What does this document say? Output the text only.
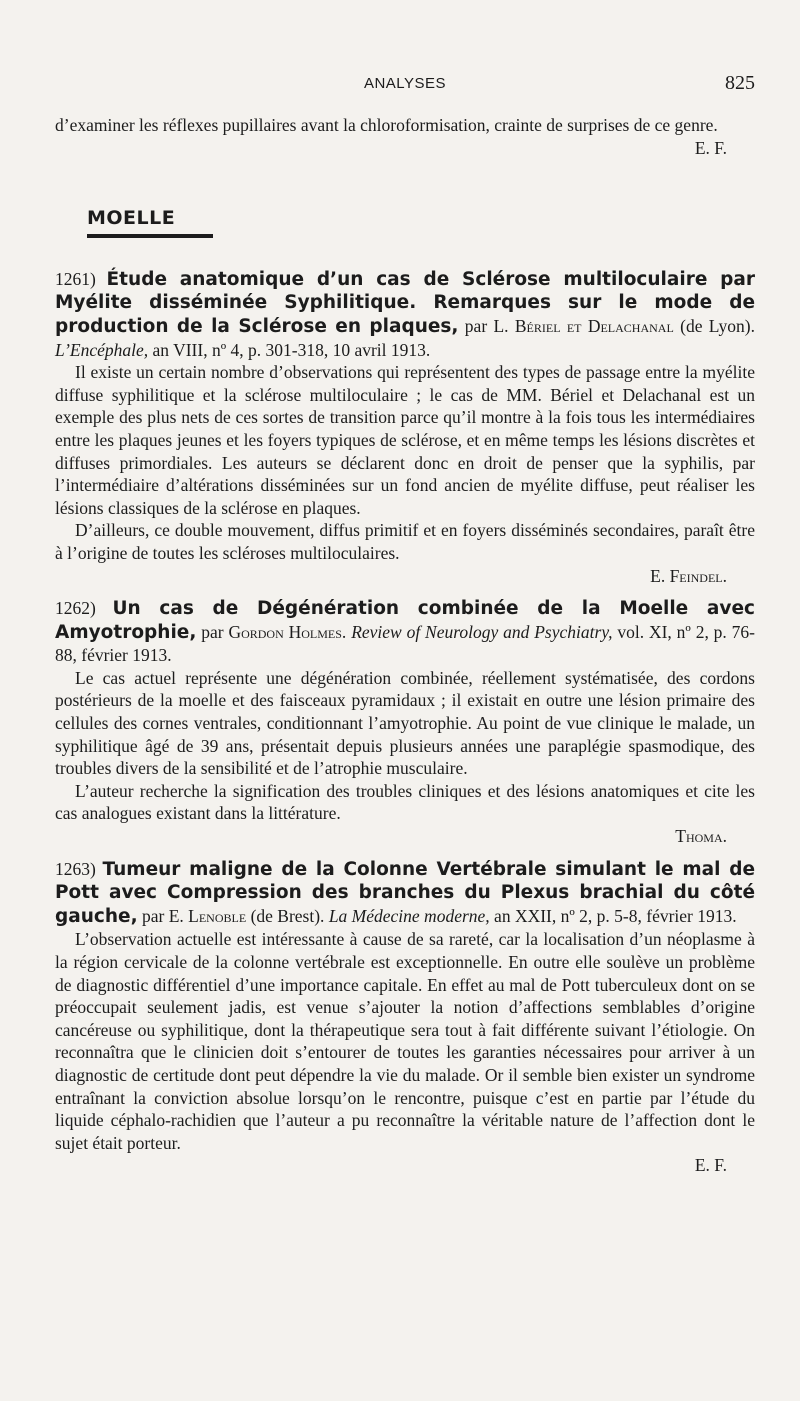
ANALYSES	825

d’examiner les réflexes pupillaires avant la chloroformisation, crainte de surprises de ce genre.

E. F.

MOELLE

1261) Étude anatomique d’un cas de Sclérose multiloculaire par Myélite disséminée Syphilitique. Remarques sur le mode de production de la Sclérose en plaques, par L. Bériel et Delachanal (de Lyon). L’Encéphale, an VIII, nº 4, p. 301-318, 10 avril 1913.

Il existe un certain nombre d’observations qui représentent des types de passage entre la myélite diffuse syphilitique et la sclérose multiloculaire ; le cas de MM. Bériel et Delachanal est un exemple des plus nets de ces sortes de transition parce qu’il montre à la fois tous les intermédiaires entre les plaques jeunes et les foyers typiques de sclérose, et en même temps les lésions discrètes et diffuses primordiales. Les auteurs se déclarent donc en droit de penser que la syphilis, par l’intermédiaire d’altérations disséminées sur un fond ancien de myélite diffuse, peut réaliser les lésions classiques de la sclérose en plaques.

D’ailleurs, ce double mouvement, diffus primitif et en foyers disséminés secondaires, paraît être à l’origine de toutes les scléroses multiloculaires.

E. Feindel.

1262) Un cas de Dégénération combinée de la Moelle avec Amyotrophie, par Gordon Holmes. Review of Neurology and Psychiatry, vol. XI, nº 2, p. 76-88, février 1913.

Le cas actuel représente une dégénération combinée, réellement systématisée, des cordons postérieurs de la moelle et des faisceaux pyramidaux ; il existait en outre une lésion primaire des cellules des cornes ventrales, conditionnant l’amyotrophie. Au point de vue clinique le malade, un syphilitique âgé de 39 ans, présentait depuis plusieurs années une paraplégie spasmodique, des troubles divers de la sensibilité et de l’atrophie musculaire.

L’auteur recherche la signification des troubles cliniques et des lésions anatomiques et cite les cas analogues existant dans la littérature.

Thoma.

1263) Tumeur maligne de la Colonne Vertébrale simulant le mal de Pott avec Compression des branches du Plexus brachial du côté gauche, par E. Lenoble (de Brest). La Médecine moderne, an XXII, nº 2, p. 5-8, février 1913.

L’observation actuelle est intéressante à cause de sa rareté, car la localisation d’un néoplasme à la région cervicale de la colonne vertébrale est exceptionnelle. En outre elle soulève un problème de diagnostic différentiel d’une importance capitale. En effet au mal de Pott tuberculeux dont on se préoccupait seulement jadis, est venue s’ajouter la notion d’affections semblables d’origine cancéreuse ou syphilitique, dont la thérapeutique sera tout à fait différente suivant l’étiologie. On reconnaîtra que le clinicien doit s’entourer de toutes les garanties nécessaires pour arriver à un diagnostic de certitude dont peut dépendre la vie du malade. Or il semble bien exister un syndrome entraînant la conviction absolue lorsqu’on le rencontre, puisque c’est en partie par l’étude du liquide céphalo-rachidien que l’auteur a pu reconnaître la véritable nature de l’affection dont le sujet était porteur.

E. F.
